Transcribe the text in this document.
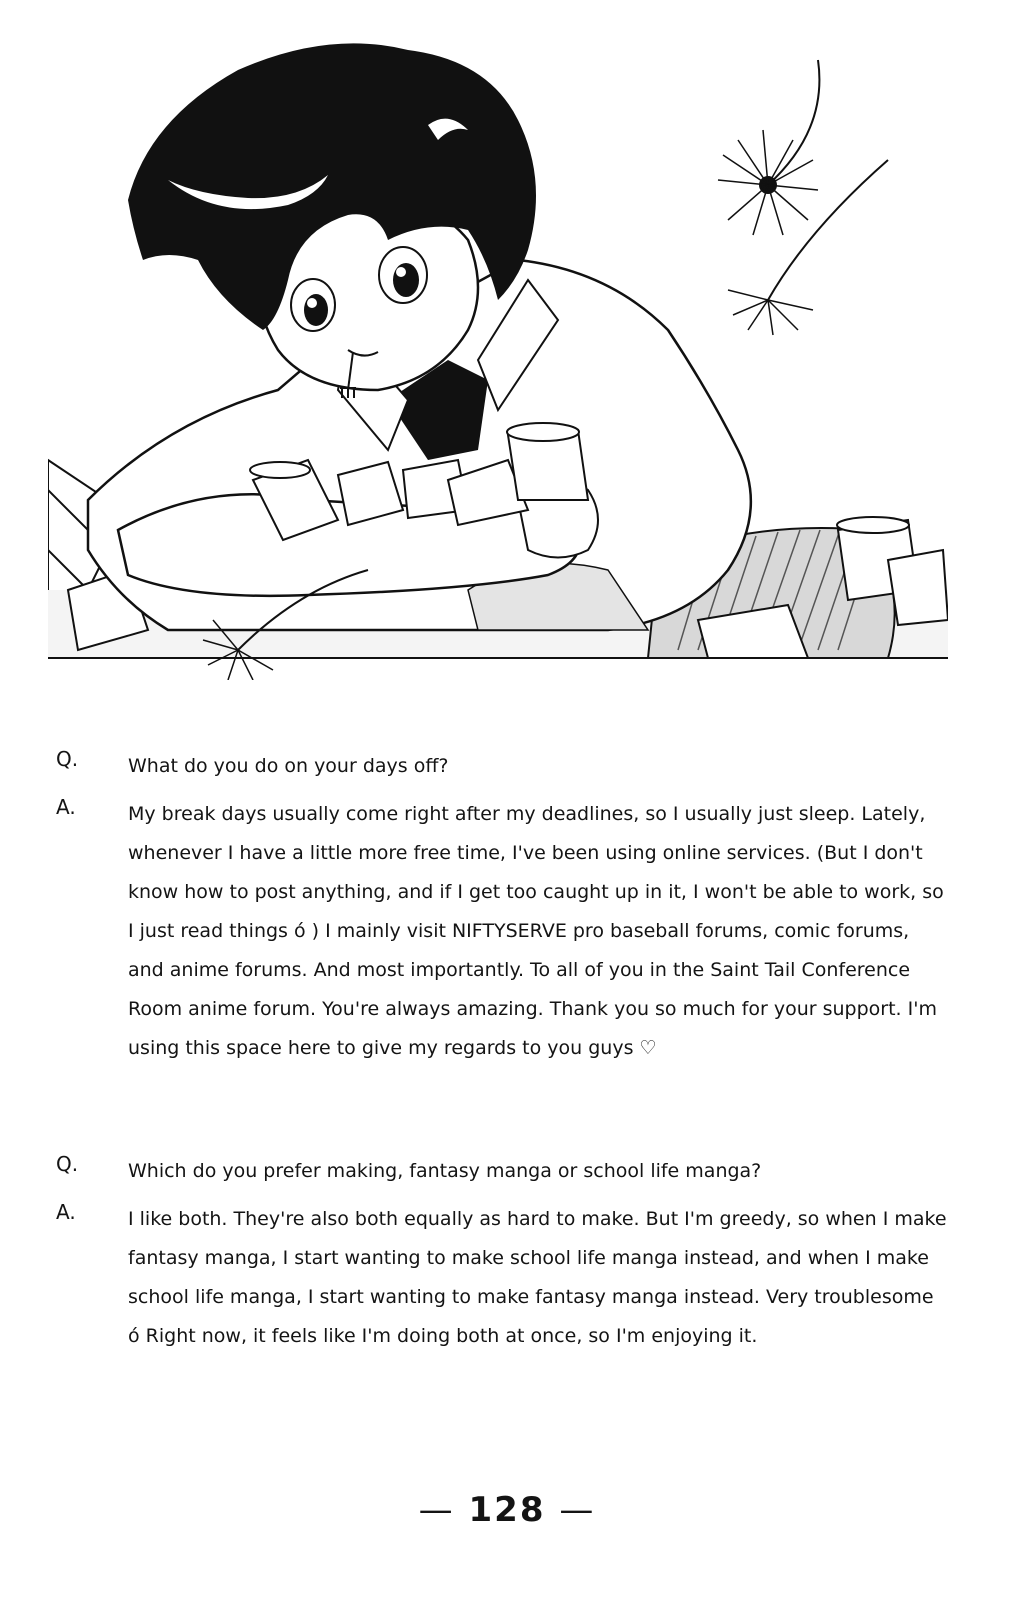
Q.	What do you do on your days off?
A.	My break days usually come right after my deadlines, so I usually just sleep. Lately, whenever I have a little more free time, I've been using online services. (But I don't know how to post anything, and if I get too caught up in it, I won't be able to work, so I just read things ó ) I mainly visit NIFTYSERVE pro baseball forums, comic forums, and anime forums. And most importantly. To all of you in the Saint Tail Conference Room anime forum. You're always amazing. Thank you so much for your support. I'm using this space here to give my regards to you guys ♡
Q.	Which do you prefer making, fantasy manga or school life manga?
A.	I like both. They're also both equally as hard to make. But I'm greedy, so when I make fantasy manga, I start wanting to make school life manga instead, and when I make school life manga, I start wanting to make fantasy manga instead. Very troublesome ó Right now, it feels like I'm doing both at once, so I'm enjoying it.
— 128 —
